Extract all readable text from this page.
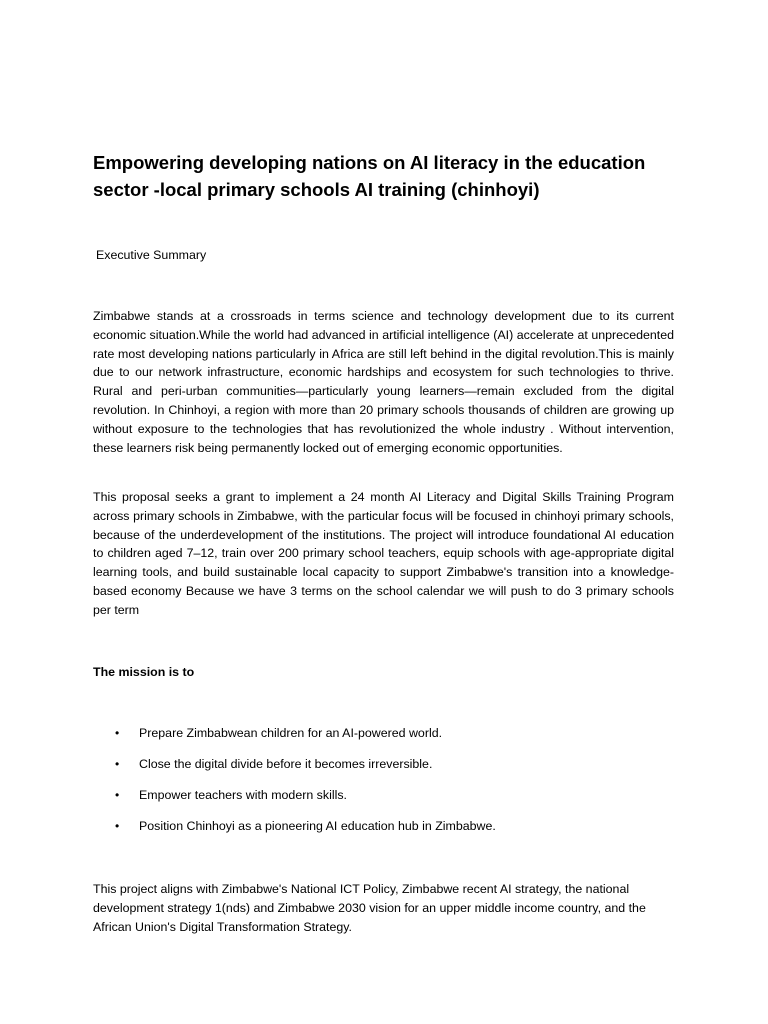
Empowering developing nations on AI literacy in the education sector -local primary schools AI training (chinhoyi)
Executive Summary

Zimbabwe stands at a crossroads in terms science and technology development due to its current economic situation.While the world had advanced in artificial intelligence (AI) accelerate at unprecedented rate most developing nations particularly in Africa are still left behind in the digital revolution.This is mainly due to our network infrastructure, economic hardships and ecosystem for such technologies to thrive. Rural and peri-urban communities—particularly young learners—remain excluded from the digital revolution. In Chinhoyi, a region with more than 20 primary schools thousands of children are growing up without exposure to the technologies that has revolutionized the whole industry . Without intervention, these learners risk being permanently locked out of emerging economic opportunities.

This proposal seeks a grant to implement a 24 month AI Literacy and Digital Skills Training Program across primary schools in Zimbabwe, with the particular focus will be focused in chinhoyi primary schools, because of the underdevelopment of the institutions. The project will introduce foundational AI education to children aged 7–12, train over 200 primary school teachers, equip schools with age-appropriate digital learning tools, and build sustainable local capacity to support Zimbabwe's transition into a knowledge-based economy Because we have 3 terms on the school calendar we will push to do 3 primary schools per term

The mission is to
• Prepare Zimbabwean children for an AI-powered world.
• Close the digital divide before it becomes irreversible.
• Empower teachers with modern skills.
• Position Chinhoyi as a pioneering AI education hub in Zimbabwe.

This project aligns with Zimbabwe's National ICT Policy, Zimbabwe recent AI strategy, the national development strategy 1(nds) and Zimbabwe 2030 vision for an upper middle income country, and the African Union's Digital Transformation Strategy.
